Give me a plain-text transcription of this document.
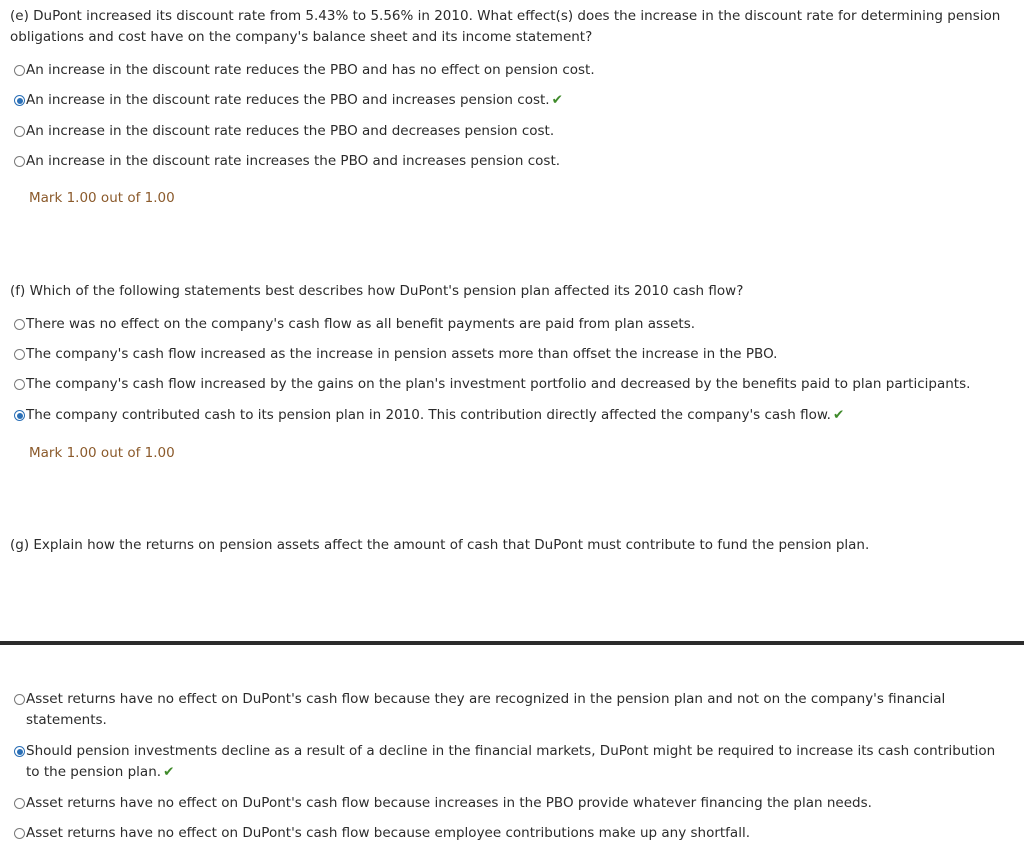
(e) DuPont increased its discount rate from 5.43% to 5.56% in 2010. What effect(s) does the increase in the discount rate for determining pension obligations and cost have on the company's balance sheet and its income statement?
An increase in the discount rate reduces the PBO and has no effect on pension cost.
An increase in the discount rate reduces the PBO and increases pension cost. ✔
An increase in the discount rate reduces the PBO and decreases pension cost.
An increase in the discount rate increases the PBO and increases pension cost.
Mark 1.00 out of 1.00
(f) Which of the following statements best describes how DuPont's pension plan affected its 2010 cash flow?
There was no effect on the company's cash flow as all benefit payments are paid from plan assets.
The company's cash flow increased as the increase in pension assets more than offset the increase in the PBO.
The company's cash flow increased by the gains on the plan's investment portfolio and decreased by the benefits paid to plan participants.
The company contributed cash to its pension plan in 2010. This contribution directly affected the company's cash flow. ✔
Mark 1.00 out of 1.00
(g) Explain how the returns on pension assets affect the amount of cash that DuPont must contribute to fund the pension plan.
Asset returns have no effect on DuPont's cash flow because they are recognized in the pension plan and not on the company's financial statements.
Should pension investments decline as a result of a decline in the financial markets, DuPont might be required to increase its cash contribution to the pension plan. ✔
Asset returns have no effect on DuPont's cash flow because increases in the PBO provide whatever financing the plan needs.
Asset returns have no effect on DuPont's cash flow because employee contributions make up any shortfall.
